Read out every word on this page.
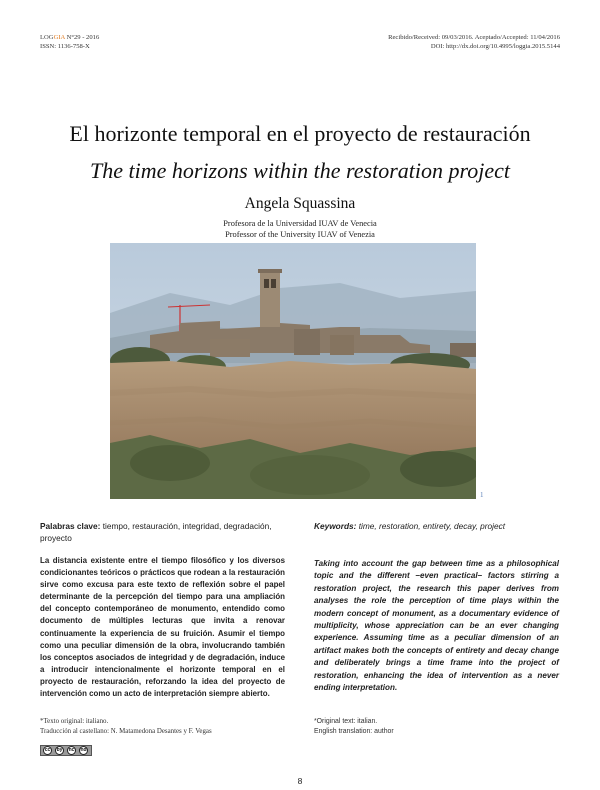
LOGGIA N°29 - 2016
ISSN: 1136-758-X
Recibido/Received: 09/03/2016. Aceptado/Accepted: 11/04/2016
DOI: http://dx.doi.org/10.4995/loggia.2015.5144
El horizonte temporal en el proyecto de restauración
The time horizons within the restoration project
Angela Squassina
Profesora de la Universidad IUAV de Venecia
Professor of the University IUAV of Venezia
1
Palabras clave: tiempo, restauración, integridad, degradación, proyecto
Keywords: time, restoration, entirety, decay, project
La distancia existente entre el tiempo filosófico y los diversos condicionantes teóricos o prácticos que rodean a la restauración sirve como excusa para este texto de reflexión sobre el papel determinante de la percepción del tiempo para una ampliación del concepto contemporáneo de monumento, entendido como documento de múltiples lecturas que invita a renovar continuamente la experiencia de su fruición. Asumir el tiempo como una peculiar dimensión de la obra, involucrando también los conceptos asociados de integridad y de degradación, induce a introducir intencionalmente el horizonte temporal en el proyecto de restauración, reforzando la idea del proyecto de intervención como un acto de interpretación siempre abierto.
Taking into account the gap between time as a philosophical topic and the different –even practical– factors stirring a restoration project, the research this paper derives from analyses the role the perception of time plays within the modern concept of monument, as a documentary evidence of multiplicity, whose appreciation can be an ever changing experience. Assuming time as a peculiar dimension of an artifact makes both the concepts of entirety and decay change and deliberately brings a time frame into the project of restoration, enhancing the idea of intervention as a never ending interpretation.
*Texto original: italiano.
Traducción al castellano: N. Matamedona Desantes y F. Vegas
*Original text: italian.
English translation: author
cc	by	nc	nd
8
